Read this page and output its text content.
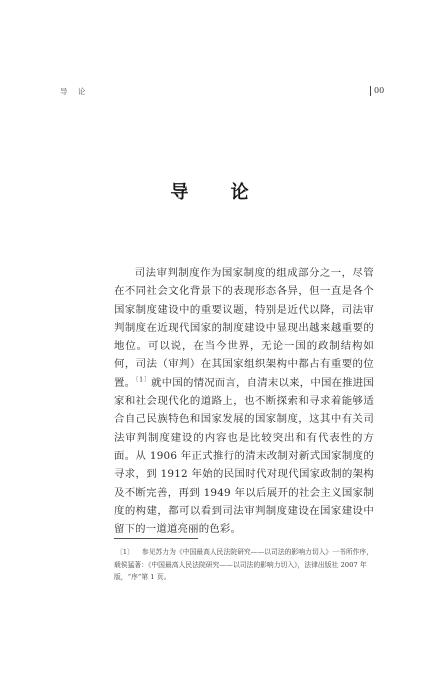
导 论	00
导 论

司法审判制度作为国家制度的组成部分之一，尽管在不同社会文化背景下的表现形态各异，但一直是各个国家制度建设中的重要议题，特别是近代以降，司法审判制度在近现代国家的制度建设中显现出越来越重要的地位。可以说，在当今世界，无论一国的政制结构如何，司法（审判）在其国家组织架构中都占有重要的位置。$^{〔1〕}$就中国的情况而言，自清末以来，中国在推进国家和社会现代化的道路上，也不断探索和寻求着能够适合自己民族特色和国家发展的国家制度，这其中有关司法审判制度建设的内容也是比较突出和有代表性的方面。从 1906 年正式推行的清末改制对新式国家制度的寻求，到 1912 年始的民国时代对现代国家政制的架构及不断完善，再到 1949 年以后展开的社会主义国家制度的构建，都可以看到司法审判制度建设在国家建设中留下的一道道亮丽的色彩。

〔1〕 参见苏力为《中国最高人民法院研究——以司法的影响力切入》一书所作序，载侯猛著：《中国最高人民法院研究——以司法的影响力切入》，法律出版社 2007 年版，“序”第 1 页。
